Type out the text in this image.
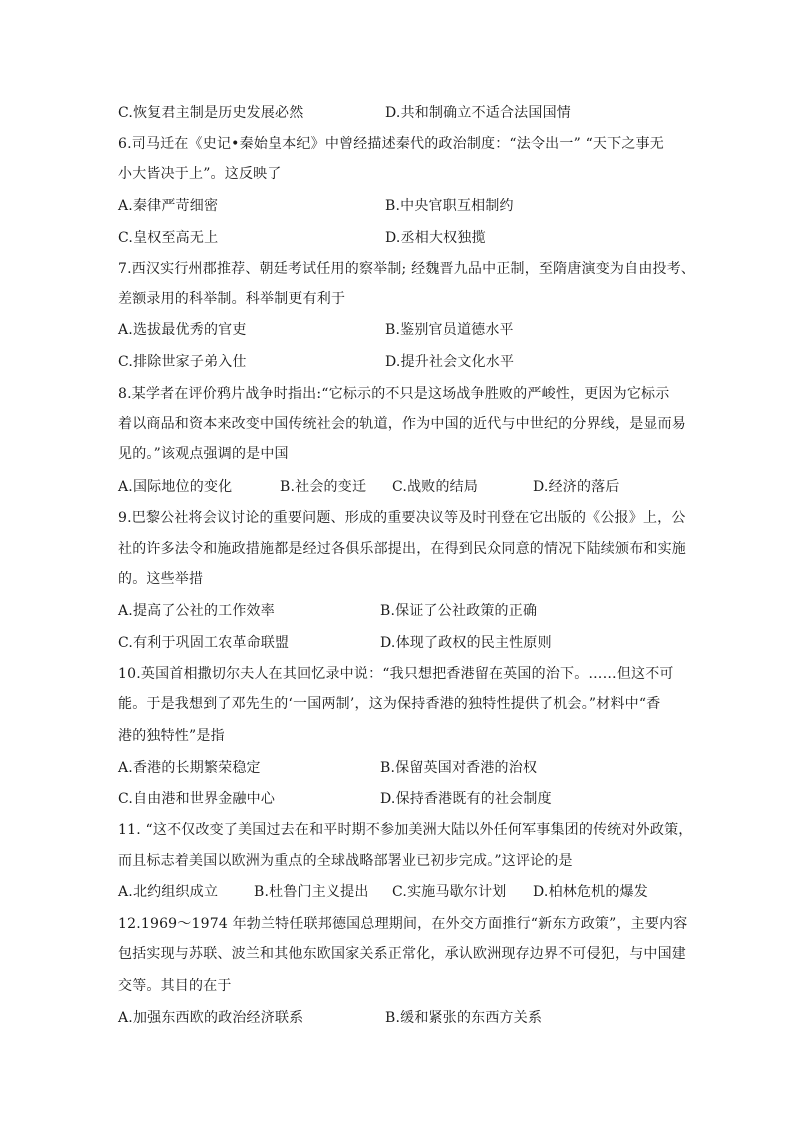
C.恢复君主制是历史发展必然	D.共和制确立不适合法国国情
6.司马迁在《史记•秦始皇本纪》中曾经描述秦代的政治制度：“法令出一” “天下之事无
小大皆决于上”。这反映了
A.秦律严苛细密	B.中央官职互相制约
C.皇权至高无上	D.丞相大权独揽
7.西汉实行州郡推荐、朝廷考试任用的察举制; 经魏晋九品中正制，至隋唐演变为自由投考、
差额录用的科举制。科举制更有利于
A.选拔最优秀的官吏	B.鉴别官员道德水平
C.排除世家子弟入仕	D.提升社会文化水平
8.某学者在评价鸦片战争时指出:“它标示的不只是这场战争胜败的严峻性，更因为它标示
着以商品和资本来改变中国传统社会的轨道，作为中国的近代与中世纪的分界线，是显而易
见的。”该观点强调的是中国
A.国际地位的变化	B.社会的变迁 C.战败的结局	D.经济的落后
9.巴黎公社将会议讨论的重要问题、形成的重要决议等及时刊登在它出版的《公报》上，公
社的许多法令和施政措施都是经过各俱乐部提出，在得到民众同意的情况下陆续颁布和实施
的。这些举措
A.提高了公社的工作效率	B.保证了公社政策的正确
C.有利于巩固工农革命联盟	D.体现了政权的民主性原则
10.英国首相撒切尔夫人在其回忆录中说：“我只想把香港留在英国的治下。……但这不可
能。于是我想到了邓先生的‘一国两制’，这为保持香港的独特性提供了机会。”材料中“香
港的独特性”是指
A.香港的长期繁荣稳定	B.保留英国对香港的治权
C.自由港和世界金融中心	D.保持香港既有的社会制度
11. “这不仅改变了美国过去在和平时期不参加美洲大陆以外任何军事集团的传统对外政策，
而且标志着美国以欧洲为重点的全球战略部署业已初步完成。”这评论的是
A.北约组织成立	B.杜鲁门主义提出 C.实施马歇尔计划 D.柏林危机的爆发
12.1969～1974 年勃兰特任联邦德国总理期间，在外交方面推行“新东方政策”，主要内容
包括实现与苏联、波兰和其他东欧国家关系正常化，承认欧洲现存边界不可侵犯，与中国建
交等。其目的在于
A.加强东西欧的政治经济联系	B.缓和紧张的东西方关系
